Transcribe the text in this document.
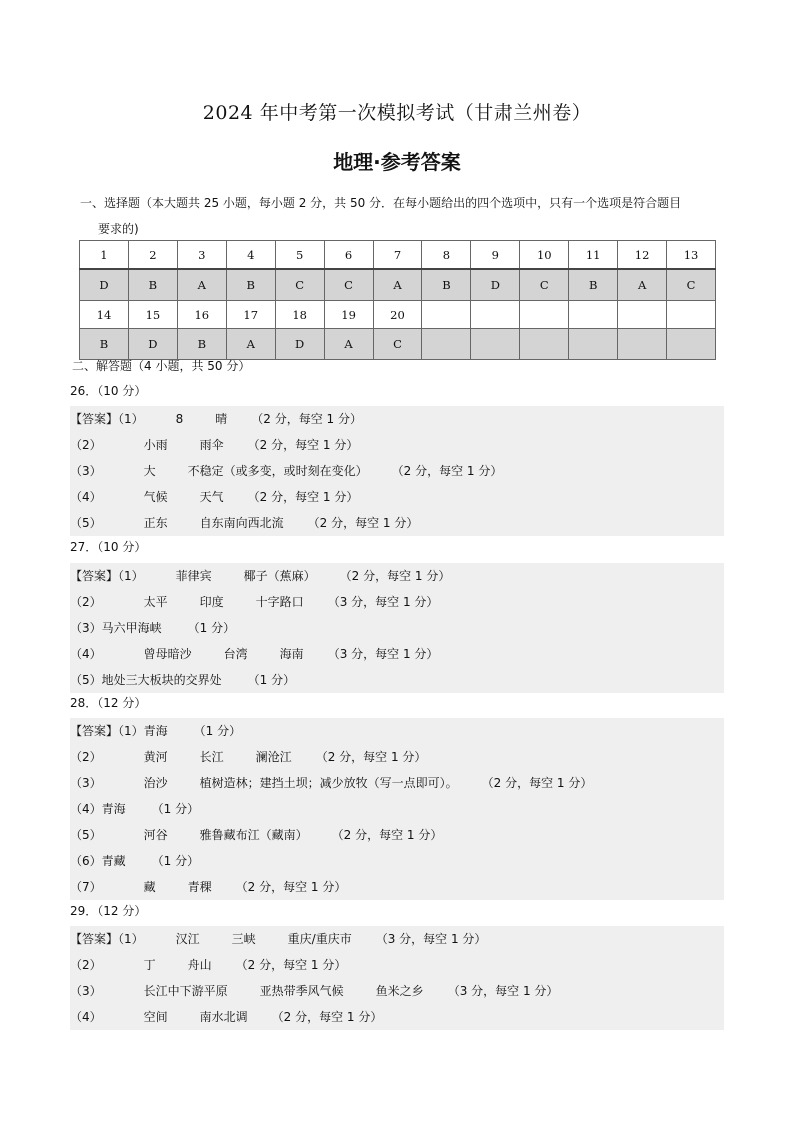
2024 年中考第一次模拟考试（甘肃兰州卷）
地理·参考答案
一、选择题（本大题共 25 小题，每小题 2 分，共 50 分．在每小题给出的四个选项中，只有一个选项是符合题目
要求的)
1	2	3	4	5	6	7	8	9	10	11	12	13
D	B	A	B	C	C	A	B	D	C	B	A	C
14	15	16	17	18	19	20						
B	D	B	A	D	A	C						
二、解答题（4 小题，共 50 分）
26．（10 分）
【答案】（1）	8	晴 （2 分，每空 1 分）
（2）	小雨	雨伞 （2 分，每空 1 分）
（3）	大	不稳定（或多变，或时刻在变化） （2 分，每空 1 分）
（4）	气候	天气 （2 分，每空 1 分）
（5）	正东	自东南向西北流 （2 分，每空 1 分）
27．（10 分）
【答案】（1）	菲律宾	椰子（蕉麻） （2 分，每空 1 分）
（2）	太平	印度	十字路口 （3 分，每空 1 分）
（3）马六甲海峡 （1 分）
（4）	曾母暗沙	台湾	海南 （3 分，每空 1 分）
（5）地处三大板块的交界处 （1 分）
28．（12 分）
【答案】（1）青海 （1 分）
（2）	黄河	长江	澜沧江 （2 分，每空 1 分）
（3）	治沙	植树造林；建挡土坝；减少放牧（写一点即可）。 （2 分，每空 1 分）
（4）青海 （1 分）
（5）	河谷	雅鲁藏布江（藏南） （2 分，每空 1 分）
（6）青藏 （1 分）
（7）	藏	青稞 （2 分，每空 1 分）
29．（12 分）
【答案】（1）	汉江	三峡	重庆/重庆市 （3 分，每空 1 分）
（2）	丁	舟山 （2 分，每空 1 分）
（3）	长江中下游平原	亚热带季风气候	鱼米之乡 （3 分，每空 1 分）
（4）	空间	南水北调 （2 分，每空 1 分）
